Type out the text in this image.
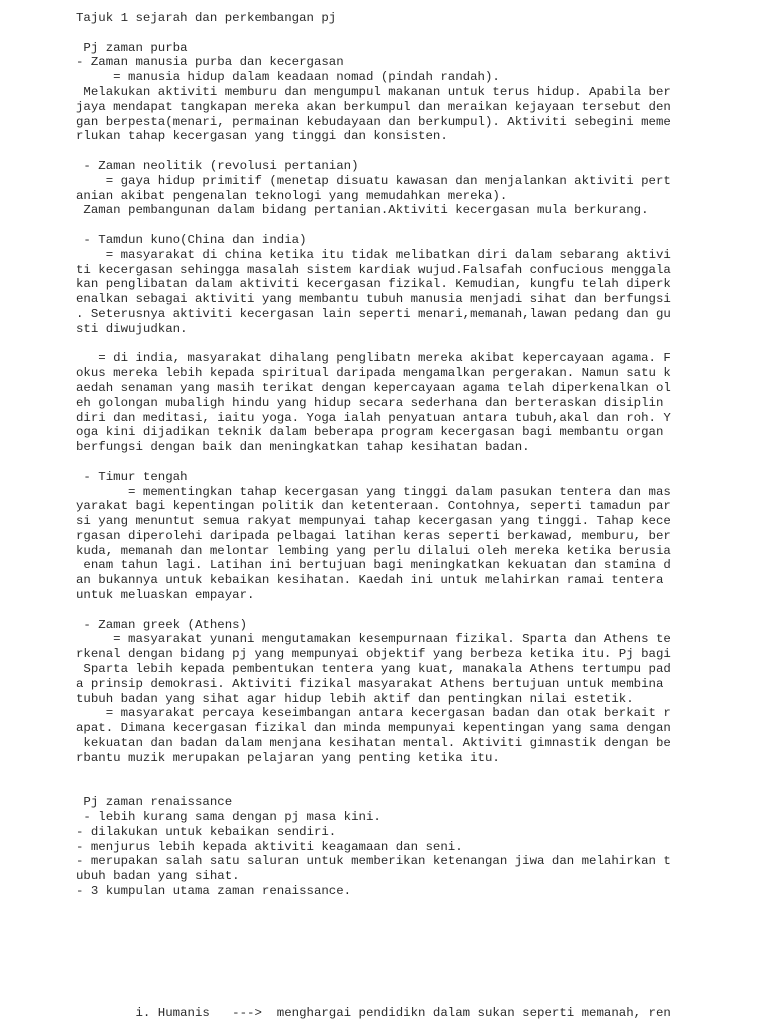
Tajuk 1 sejarah dan perkembangan pj
Pj zaman purba
- Zaman manusia purba dan kecergasan
= manusia hidup dalam keadaan nomad (pindah randah).
Melakukan aktiviti memburu dan mengumpul makanan untuk terus hidup. Apabila ber
jaya mendapat tangkapan mereka akan berkumpul dan meraikan kejayaan tersebut den
gan berpesta(menari, permainan kebudayaan dan berkumpul). Aktiviti sebegini meme
rlukan tahap kecergasan yang tinggi dan konsisten.
- Zaman neolitik (revolusi pertanian)
= gaya hidup primitif (menetap disuatu kawasan dan menjalankan aktiviti pert
anian akibat pengenalan teknologi yang memudahkan mereka).
Zaman pembangunan dalam bidang pertanian.Aktiviti kecergasan mula berkurang.
- Tamdun kuno(China dan india)
= masyarakat di china ketika itu tidak melibatkan diri dalam sebarang aktivi
ti kecergasan sehingga masalah sistem kardiak wujud.Falsafah confucious menggala
kan penglibatan dalam aktiviti kecergasan fizikal. Kemudian, kungfu telah diperk
enalkan sebagai aktiviti yang membantu tubuh manusia menjadi sihat dan berfungsi
. Seterusnya aktiviti kecergasan lain seperti menari,memanah,lawan pedang dan gu
sti diwujudkan.
= di india, masyarakat dihalang penglibatn mereka akibat kepercayaan agama. F
okus mereka lebih kepada spiritual daripada mengamalkan pergerakan. Namun satu k
aedah senaman yang masih terikat dengan kepercayaan agama telah diperkenalkan ol
eh golongan mubaligh hindu yang hidup secara sederhana dan berteraskan disiplin
diri dan meditasi, iaitu yoga. Yoga ialah penyatuan antara tubuh,akal dan roh. Y
oga kini dijadikan teknik dalam beberapa program kecergasan bagi membantu organ
berfungsi dengan baik dan meningkatkan tahap kesihatan badan.
- Timur tengah
= mementingkan tahap kecergasan yang tinggi dalam pasukan tentera dan mas
yarakat bagi kepentingan politik dan ketenteraan. Contohnya, seperti tamadun par
si yang menuntut semua rakyat mempunyai tahap kecergasan yang tinggi. Tahap kece
rgasan diperolehi daripada pelbagai latihan keras seperti berkawad, memburu, ber
kuda, memanah dan melontar lembing yang perlu dilalui oleh mereka ketika berusia
enam tahun lagi. Latihan ini bertujuan bagi meningkatkan kekuatan dan stamina d
an bukannya untuk kebaikan kesihatan. Kaedah ini untuk melahirkan ramai tentera
untuk meluaskan empayar.
- Zaman greek (Athens)
= masyarakat yunani mengutamakan kesempurnaan fizikal. Sparta dan Athens te
rkenal dengan bidang pj yang mempunyai objektif yang berbeza ketika itu. Pj bagi
Sparta lebih kepada pembentukan tentera yang kuat, manakala Athens tertumpu pad
a prinsip demokrasi. Aktiviti fizikal masyarakat Athens bertujuan untuk membina
tubuh badan yang sihat agar hidup lebih aktif dan pentingkan nilai estetik.
= masyarakat percaya keseimbangan antara kecergasan badan dan otak berkait r
apat. Dimana kecergasan fizikal dan minda mempunyai kepentingan yang sama dengan
kekuatan dan badan dalam menjana kesihatan mental. Aktiviti gimnastik dengan be
rbantu muzik merupakan pelajaran yang penting ketika itu.
Pj zaman renaissance
- lebih kurang sama dengan pj masa kini.
- dilakukan untuk kebaikan sendiri.
- menjurus lebih kepada aktiviti keagamaan dan seni.
- merupakan salah satu saluran untuk memberikan ketenangan jiwa dan melahirkan t
ubuh badan yang sihat.
- 3 kumpulan utama zaman renaissance.
i. Humanis   --->  menghargai pendidikn dalam sukan seperti memanah, ren
